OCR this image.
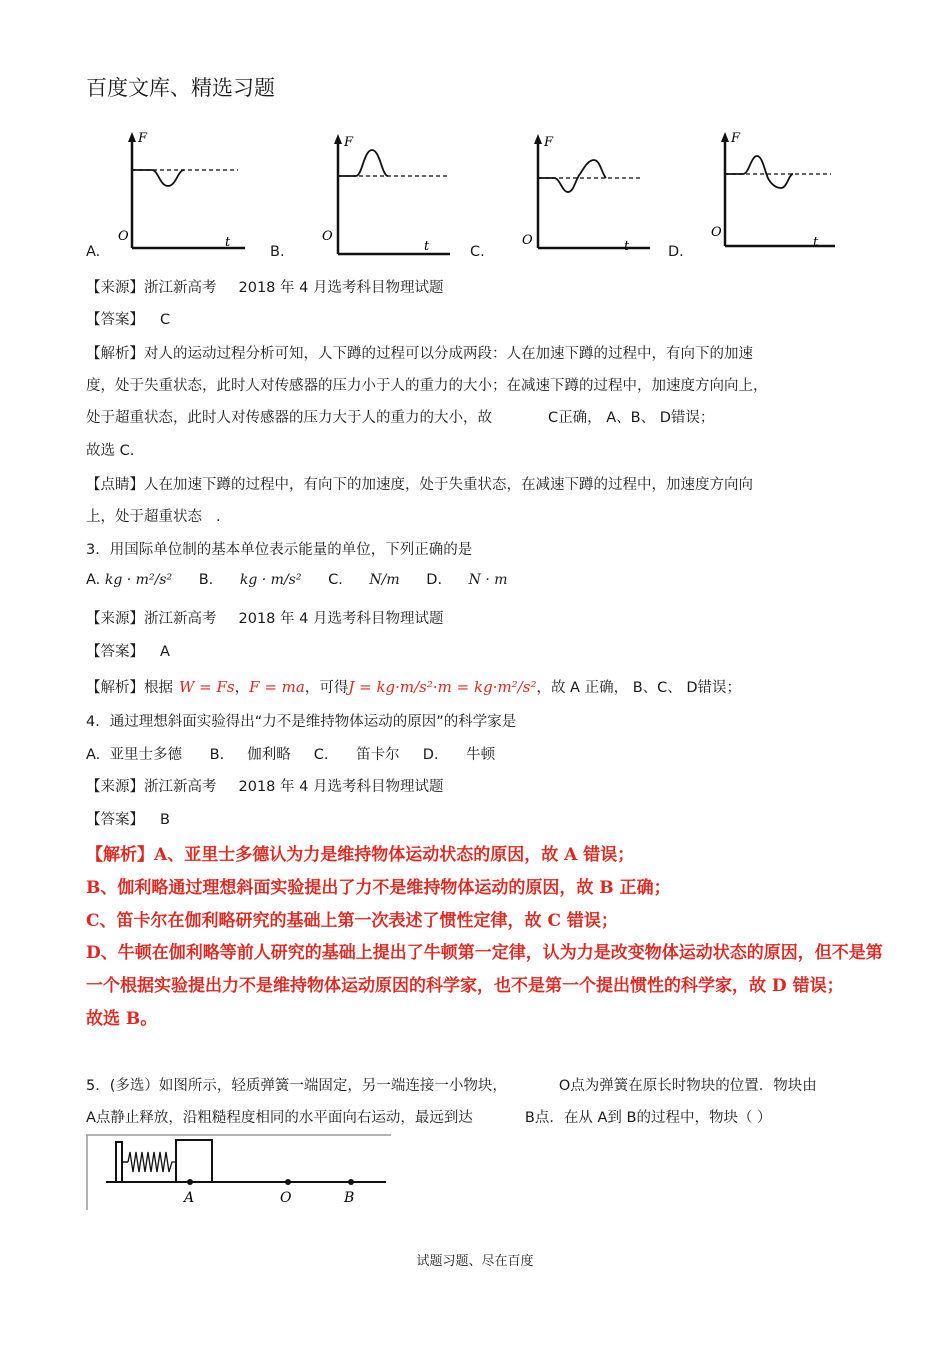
百度文库、精选习题
A.	B.	C.	D.
F
O	t
F
O
t
F
O	t
F
O
t
【来源】浙江新高考 2018 年 4 月选考科目物理试题
【答案】 C
【解析】对人的运动过程分析可知，人下蹲的过程可以分成两段：人在加速下蹲的过程中，有向下的加速
度，处于失重状态，此时人对传感器的压力小于人的重力的大小；在减速下蹲的过程中，加速度方向向上，
处于超重状态，此时人对传感器的压力大于人的重力的大小，故	C正确， A、B、 D错误；
故选 C.
【点睛】人在加速下蹲的过程中，有向下的加速度，处于失重状态，在减速下蹲的过程中，加速度方向向
上，处于超重状态 .
3．用国际单位制的基本单位表示能量的单位，下列正确的是
A. kg · m²/s² B. kg · m/s² C. N/m D. N · m
【来源】浙江新高考 2018 年 4 月选考科目物理试题
【答案】 A
【解析】根据 W = Fs，F = ma，可得J = kg·m/s²·m = kg·m²/s²，故 A 正确， B、C、 D错误；
4．通过理想斜面实验得出“力不是维持物体运动的原因”的科学家是
A.  亚里士多德      B.     伽利略     C.      笛卡尔     D.      牛顿
【来源】浙江新高考 2018 年 4 月选考科目物理试题
【答案】 B
【解析】A、亚里士多德认为力是维持物体运动状态的原因，故 A 错误；
B、伽利略通过理想斜面实验提出了力不是维持物体运动的原因，故 B 正确；
C、笛卡尔在伽利略研究的基础上第一次表述了惯性定律，故 C 错误；
D、牛顿在伽利略等前人研究的基础上提出了牛顿第一定律，认为力是改变物体运动状态的原因，但不是第
一个根据实验提出力不是维持物体运动原因的科学家，也不是第一个提出惯性的科学家，故 D 错误；
故选 B。
5．(多选）如图所示，轻质弹簧一端固定，另一端连接一小物块，	O点为弹簧在原长时物块的位置．物块由
A点静止释放，沿粗糙程度相同的水平面向右运动，最远到达	B点．在从 A到 B的过程中，物块（ ）
A	O	B
试题习题、尽在百度
